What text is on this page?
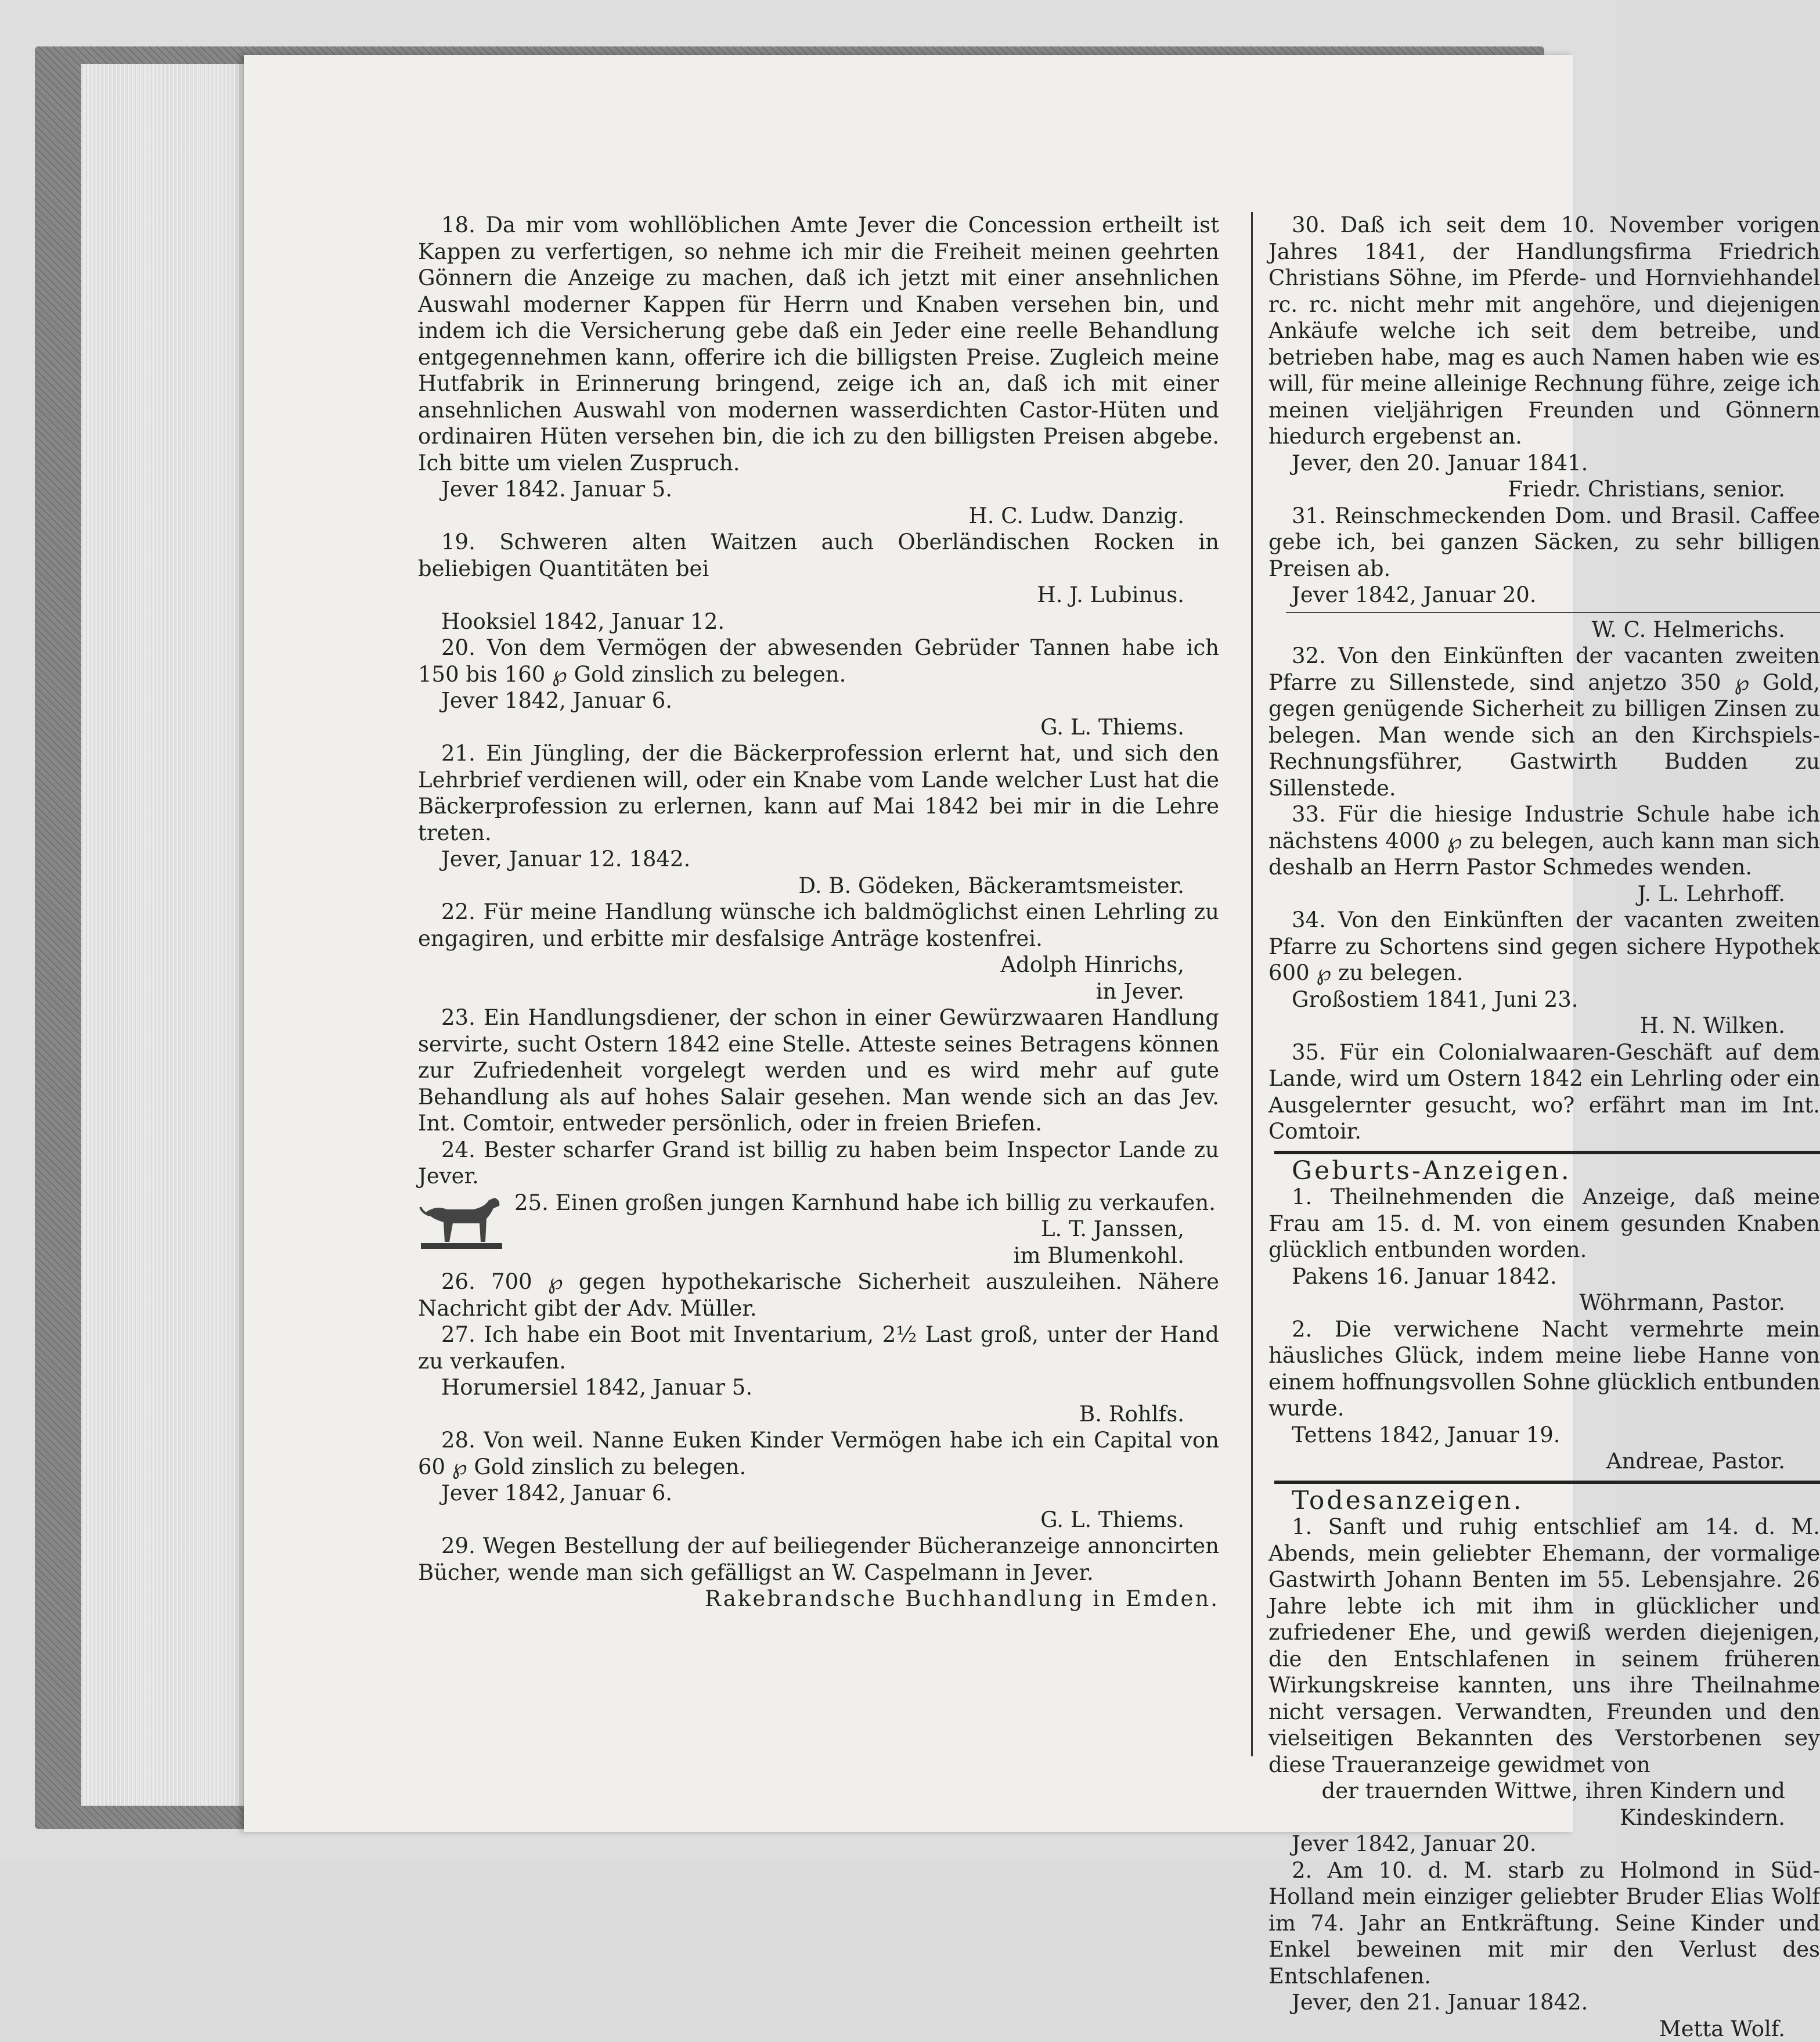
18. Da mir vom wohllöblichen Amte Jever die Concession ertheilt ist Kappen zu verfertigen, so nehme ich mir die Freiheit meinen geehrten Gönnern die Anzeige zu machen, daß ich jetzt mit einer ansehnlichen Auswahl moderner Kappen für Herrn und Knaben versehen bin, und indem ich die Versicherung gebe daß ein Jeder eine reelle Behandlung entgegennehmen kann, offerire ich die billigsten Preise. Zugleich meine Hutfabrik in Erinnerung bringend, zeige ich an, daß ich mit einer ansehnlichen Auswahl von modernen wasserdichten Castor-Hüten und ordinairen Hüten versehen bin, die ich zu den billigsten Preisen abgebe. Ich bitte um vielen Zuspruch.

Jever 1842. Januar 5.
H. C. Ludw. Danzig.

19. Schweren alten Waitzen auch Oberländischen Rocken in beliebigen Quantitäten bei

H. J. Lubinus.
Hooksiel 1842, Januar 12.

20. Von dem Vermögen der abwesenden Gebrüder Tannen habe ich 150 bis 160 ℘ Gold zinslich zu belegen.

Jever 1842, Januar 6.
G. L. Thiems.

21. Ein Jüngling, der die Bäckerprofession erlernt hat, und sich den Lehrbrief verdienen will, oder ein Knabe vom Lande welcher Lust hat die Bäckerprofession zu erlernen, kann auf Mai 1842 bei mir in die Lehre treten.

Jever, Januar 12. 1842.
D. B. Gödeken, Bäckeramtsmeister.

22. Für meine Handlung wünsche ich baldmöglichst einen Lehrling zu engagiren, und erbitte mir desfalsige Anträge kostenfrei.

Adolph Hinrichs,
in Jever.

23. Ein Handlungsdiener, der schon in einer Gewürzwaaren Handlung servirte, sucht Ostern 1842 eine Stelle. Atteste seines Betragens können zur Zufriedenheit vorgelegt werden und es wird mehr auf gute Behandlung als auf hohes Salair gesehen. Man wende sich an das Jev. Int. Comtoir, entweder persönlich, oder in freien Briefen.

24. Bester scharfer Grand ist billig zu haben beim Inspector Lande zu Jever.

25. Einen großen jungen Karnhund habe ich billig zu verkaufen.
L. T. Janssen,
im Blumenkohl.

26. 700 ℘ gegen hypothekarische Sicherheit auszuleihen. Nähere Nachricht gibt der Adv. Müller.

27. Ich habe ein Boot mit Inventarium, 2½ Last groß, unter der Hand zu verkaufen.

Horumersiel 1842, Januar 5.
B. Rohlfs.

28. Von weil. Nanne Euken Kinder Vermögen habe ich ein Capital von 60 ℘ Gold zinslich zu belegen.

Jever 1842, Januar 6.
G. L. Thiems.

29. Wegen Bestellung der auf beiliegender Bücheranzeige annoncirten Bücher, wende man sich gefälligst an W. Caspelmann in Jever.

Rakebrandsche Buchhandlung in Emden.

30. Daß ich seit dem 10. November vorigen Jahres 1841, der Handlungsfirma Friedrich Christians Söhne, im Pferde- und Hornviehhandel rc. rc. nicht mehr mit angehöre, und diejenigen Ankäufe welche ich seit dem betreibe, und betrieben habe, mag es auch Namen haben wie es will, für meine alleinige Rechnung führe, zeige ich meinen vieljährigen Freunden und Gönnern hiedurch ergebenst an.

Jever, den 20. Januar 1841.
Friedr. Christians, senior.

31. Reinschmeckenden Dom. und Brasil. Caffee gebe ich, bei ganzen Säcken, zu sehr billigen Preisen ab.

Jever 1842, Januar 20.
W. C. Helmerichs.

32. Von den Einkünften der vacanten zweiten Pfarre zu Sillenstede, sind anjetzo 350 ℘ Gold, gegen genügende Sicherheit zu billigen Zinsen zu belegen. Man wende sich an den Kirchspiels-Rechnungsführer, Gastwirth Budden zu Sillenstede.

33. Für die hiesige Industrie Schule habe ich nächstens 4000 ℘ zu belegen, auch kann man sich deshalb an Herrn Pastor Schmedes wenden.

J. L. Lehrhoff.

34. Von den Einkünften der vacanten zweiten Pfarre zu Schortens sind gegen sichere Hypothek 600 ℘ zu belegen.

Großostiem 1841, Juni 23.
H. N. Wilken.

35. Für ein Colonialwaaren-Geschäft auf dem Lande, wird um Ostern 1842 ein Lehrling oder ein Ausgelernter gesucht, wo? erfährt man im Int. Comtoir.

Geburts-Anzeigen.

1. Theilnehmenden die Anzeige, daß meine Frau am 15. d. M. von einem gesunden Knaben glücklich entbunden worden.

Pakens 16. Januar 1842.
Wöhrmann, Pastor.

2. Die verwichene Nacht vermehrte mein häusliches Glück, indem meine liebe Hanne von einem hoffnungsvollen Sohne glücklich entbunden wurde.

Tettens 1842, Januar 19.
Andreae, Pastor.
Todesanzeigen.

1. Sanft und ruhig entschlief am 14. d. M. Abends, mein geliebter Ehemann, der vormalige Gastwirth Johann Benten im 55. Lebensjahre. 26 Jahre lebte ich mit ihm in glücklicher und zufriedener Ehe, und gewiß werden diejenigen, die den Entschlafenen in seinem früheren Wirkungskreise kannten, uns ihre Theilnahme nicht versagen. Verwandten, Freunden und den vielseitigen Bekannten des Verstorbenen sey diese Traueranzeige gewidmet von

der trauernden Wittwe, ihren Kindern und Kindeskindern.
Jever 1842, Januar 20.

2. Am 10. d. M. starb zu Holmond in Süd-Holland mein einziger geliebter Bruder Elias Wolf im 74. Jahr an Entkräftung. Seine Kinder und Enkel beweinen mit mir den Verlust des Entschlafenen.

Jever, den 21. Januar 1842.
Metta Wolf.
